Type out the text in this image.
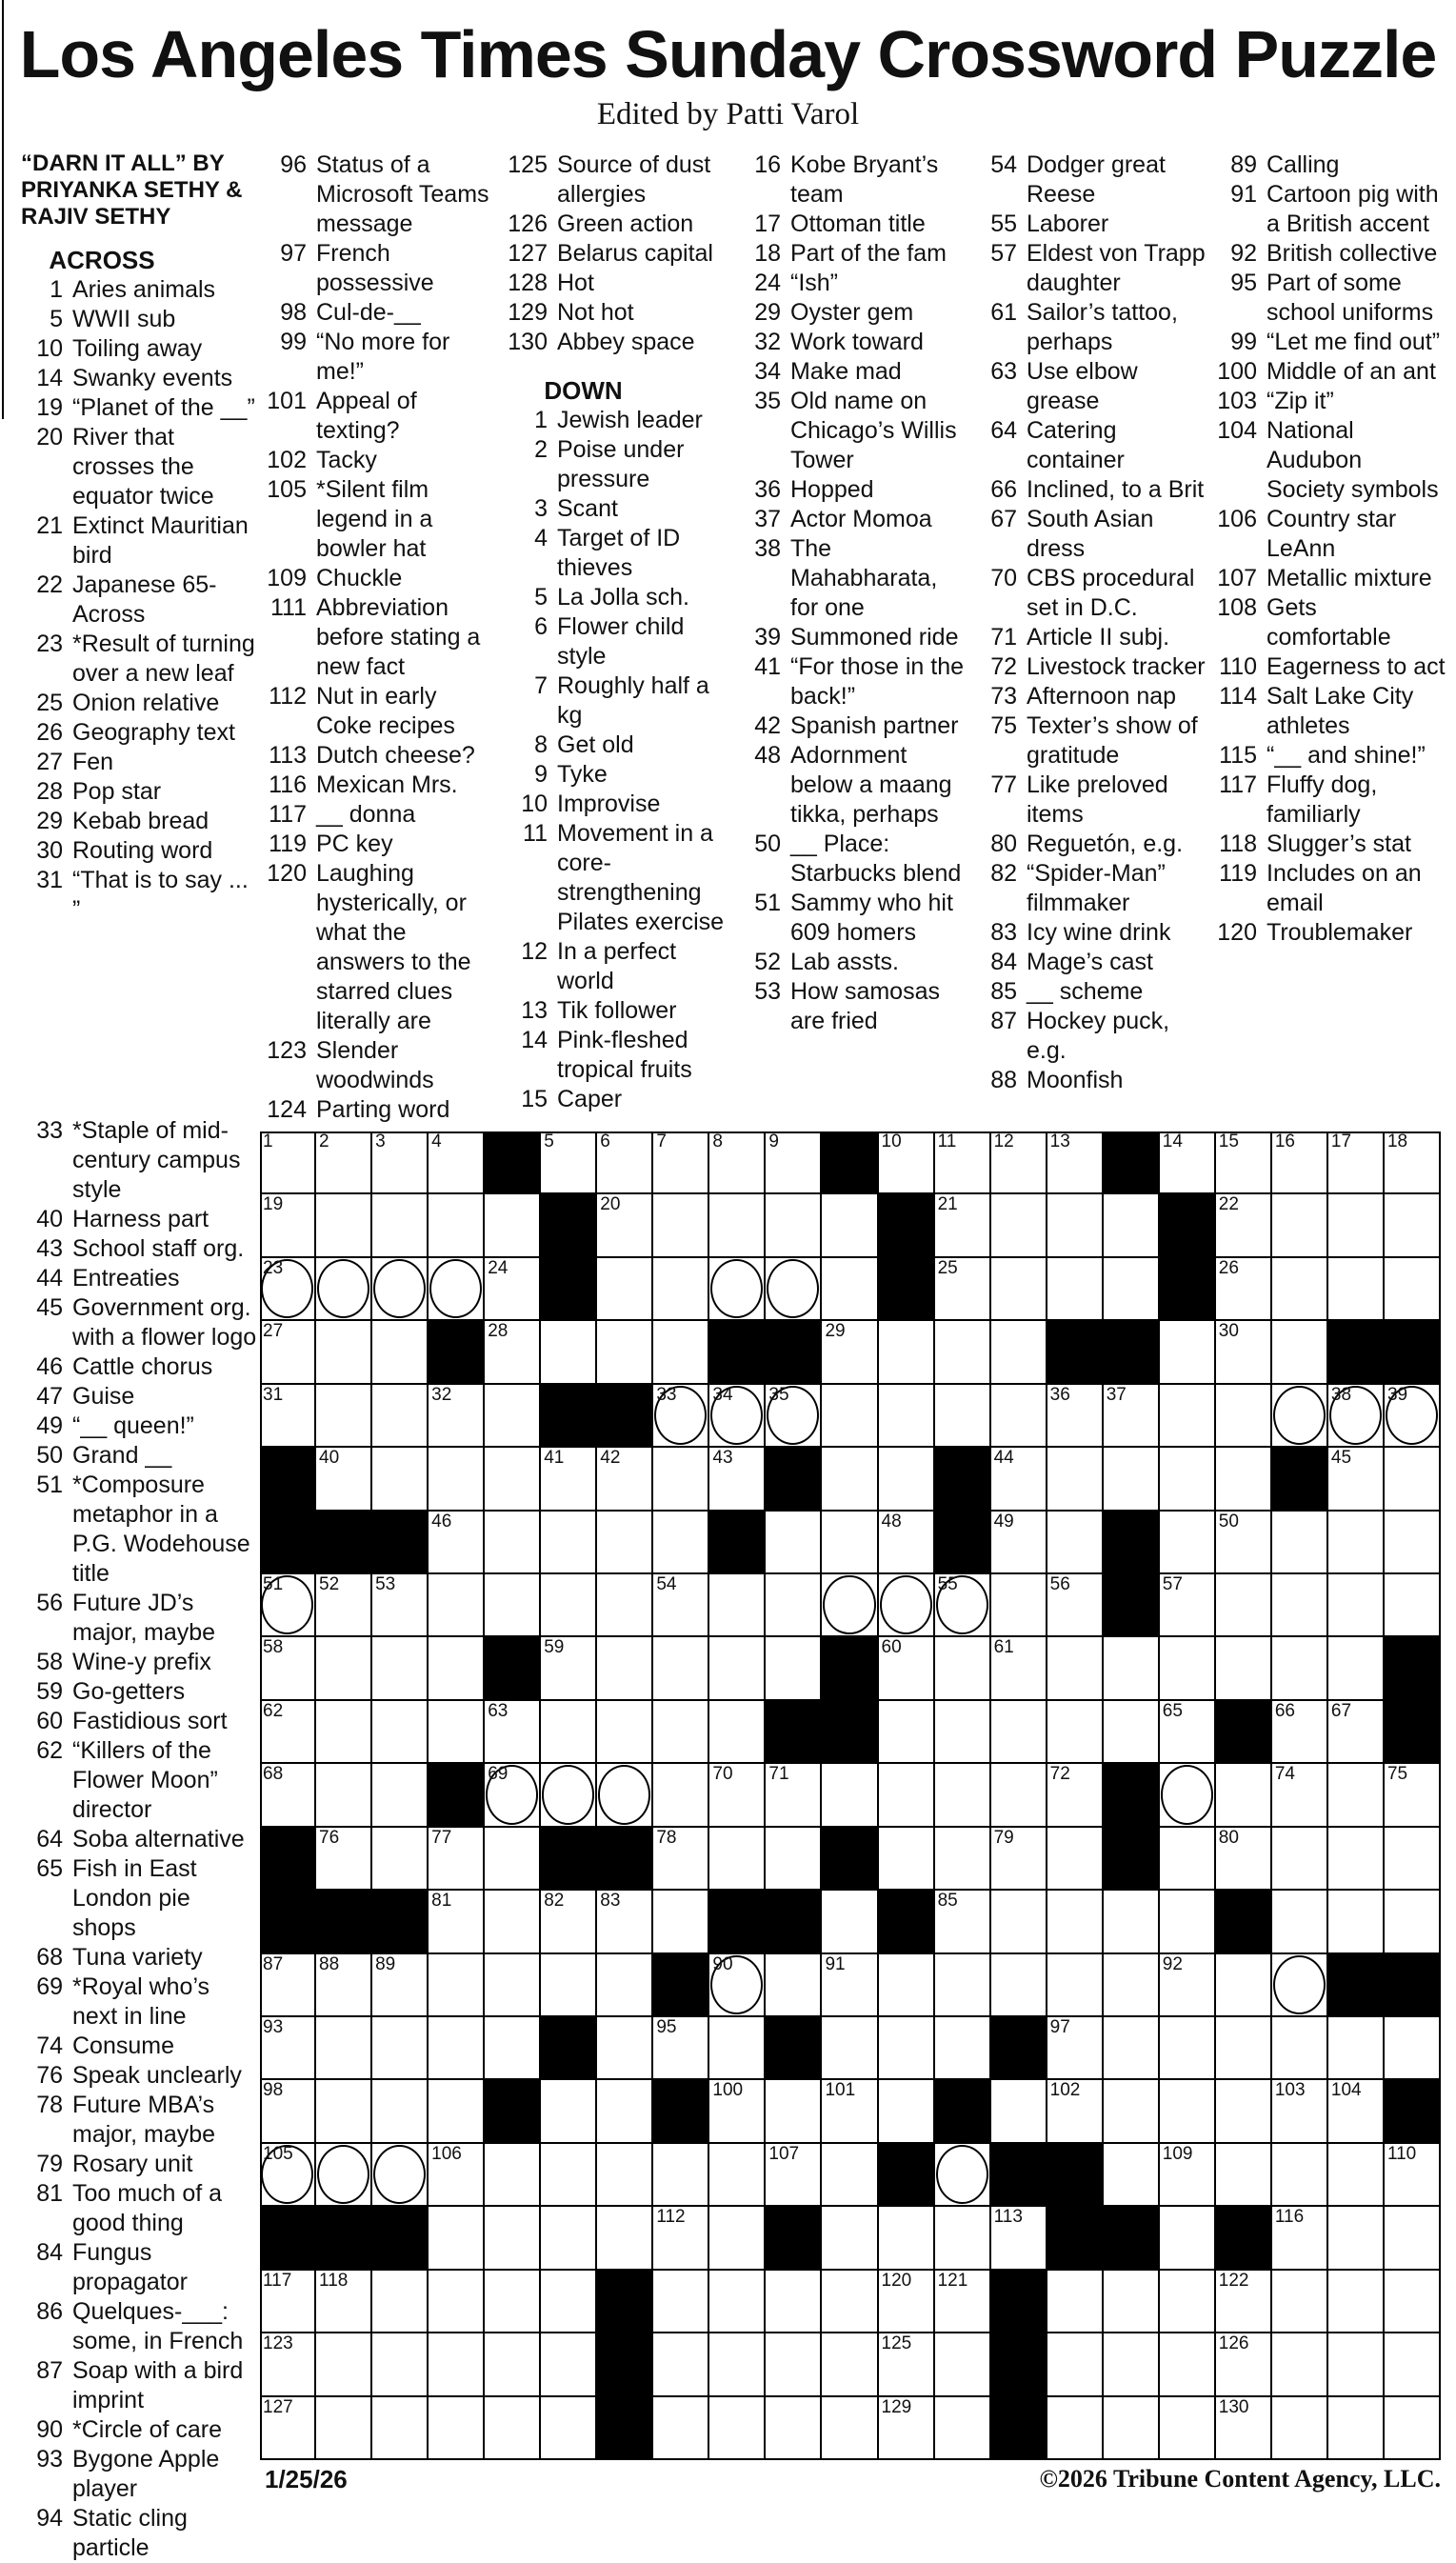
Los Angeles Times Sunday Crossword Puzzle
Edited by Patti Varol
“DARN IT ALL” BY PRIYANKA SETHY & RAJIV SETHY
ACROSS
1 Aries animals
5 WWII sub
10 Toiling away
14 Swanky events
19 “Planet of the __”
20 River that crosses the equator twice
21 Extinct Mauritian bird
22 Japanese 65-Across
23 *Result of turning over a new leaf
25 Onion relative
26 Geography text
27 Fen
28 Pop star
29 Kebab bread
30 Routing word
31 “That is to say ... ”
33 *Staple of mid-century campus style
40 Harness part
43 School staff org.
44 Entreaties
45 Government org. with a flower logo
46 Cattle chorus
47 Guise
49 “__ queen!”
50 Grand __
51 *Composure metaphor in a P.G. Wodehouse title
56 Future JD’s major, maybe
58 Wine-y prefix
59 Go-getters
60 Fastidious sort
62 “Killers of the Flower Moon” director
64 Soba alternative
65 Fish in East London pie shops
68 Tuna variety
69 *Royal who’s next in line
74 Consume
76 Speak unclearly
78 Future MBA’s major, maybe
79 Rosary unit
81 Too much of a good thing
84 Fungus propagator
86 Quelques-___: some, in French
87 Soap with a bird imprint
90 *Circle of care
93 Bygone Apple player
94 Static cling particle
96 Status of a Microsoft Teams message
97 French possessive
98 Cul-de-__
99 “No more for me!”
101 Appeal of texting?
102 Tacky
105 *Silent film legend in a bowler hat
109 Chuckle
111 Abbreviation before stating a new fact
112 Nut in early Coke recipes
113 Dutch cheese?
116 Mexican Mrs.
117 __ donna
119 PC key
120 Laughing hysterically, or what the answers to the starred clues literally are
123 Slender woodwinds
124 Parting word
125 Source of dust allergies
126 Green action
127 Belarus capital
128 Hot
129 Not hot
130 Abbey space
DOWN
1 Jewish leader
2 Poise under pressure
3 Scant
4 Target of ID thieves
5 La Jolla sch.
6 Flower child style
7 Roughly half a kg
8 Get old
9 Tyke
10 Improvise
11 Movement in a core-strengthening Pilates exercise
12 In a perfect world
13 Tik follower
14 Pink-fleshed tropical fruits
15 Caper
16 Kobe Bryant’s team
17 Ottoman title
18 Part of the fam
24 “Ish”
29 Oyster gem
32 Work toward
34 Make mad
35 Old name on Chicago’s Willis Tower
36 Hopped
37 Actor Momoa
38 The Mahabharata, for one
39 Summoned ride
41 “For those in the back!”
42 Spanish partner
48 Adornment below a maang tikka, perhaps
50 __ Place: Starbucks blend
51 Sammy who hit 609 homers
52 Lab assts.
53 How samosas are fried
54 Dodger great Reese
55 Laborer
57 Eldest von Trapp daughter
61 Sailor’s tattoo, perhaps
63 Use elbow grease
64 Catering container
66 Inclined, to a Brit
67 South Asian dress
70 CBS procedural set in D.C.
71 Article II subj.
72 Livestock tracker
73 Afternoon nap
75 Texter’s show of gratitude
77 Like preloved items
80 Reguetón, e.g.
82 “Spider-Man” filmmaker
83 Icy wine drink
84 Mage’s cast
85 __ scheme
87 Hockey puck, e.g.
88 Moonfish
89 Calling
91 Cartoon pig with a British accent
92 British collective
95 Part of some school uniforms
99 “Let me find out”
100 Middle of an ant
103 “Zip it”
104 National Audubon Society symbols
106 Country star LeAnn
107 Metallic mixture
108 Gets comfortable
110 Eagerness to act
114 Salt Lake City athletes
115 “__ and shine!”
117 Fluffy dog, familiarly
118 Slugger’s stat
119 Includes on an email
120 Troublemaker
1	2	3	4	5	6	7	8	9	10 11 12 13	14 15 16 17 18
19	20	21	22
23	24	25	26
27	28	29	30
31	32	33 34 35	36 37	38 39
40	41 42	43	44	45
46	48	49	50
51 52 53	54	55	56	57
58	59	60	61
62	63	65	66 67
68	69	70 71	72	74	75
76	77	78	79	80
81	82 83	85
87 88 89	90	91	92
93	95	97
98	100	101	102	103 104
105	106	107	109	110
112	113	116
117 118	120 121	122
123	125	126
127	129	130
1/25/26	©2026 Tribune Content Agency, LLC.
